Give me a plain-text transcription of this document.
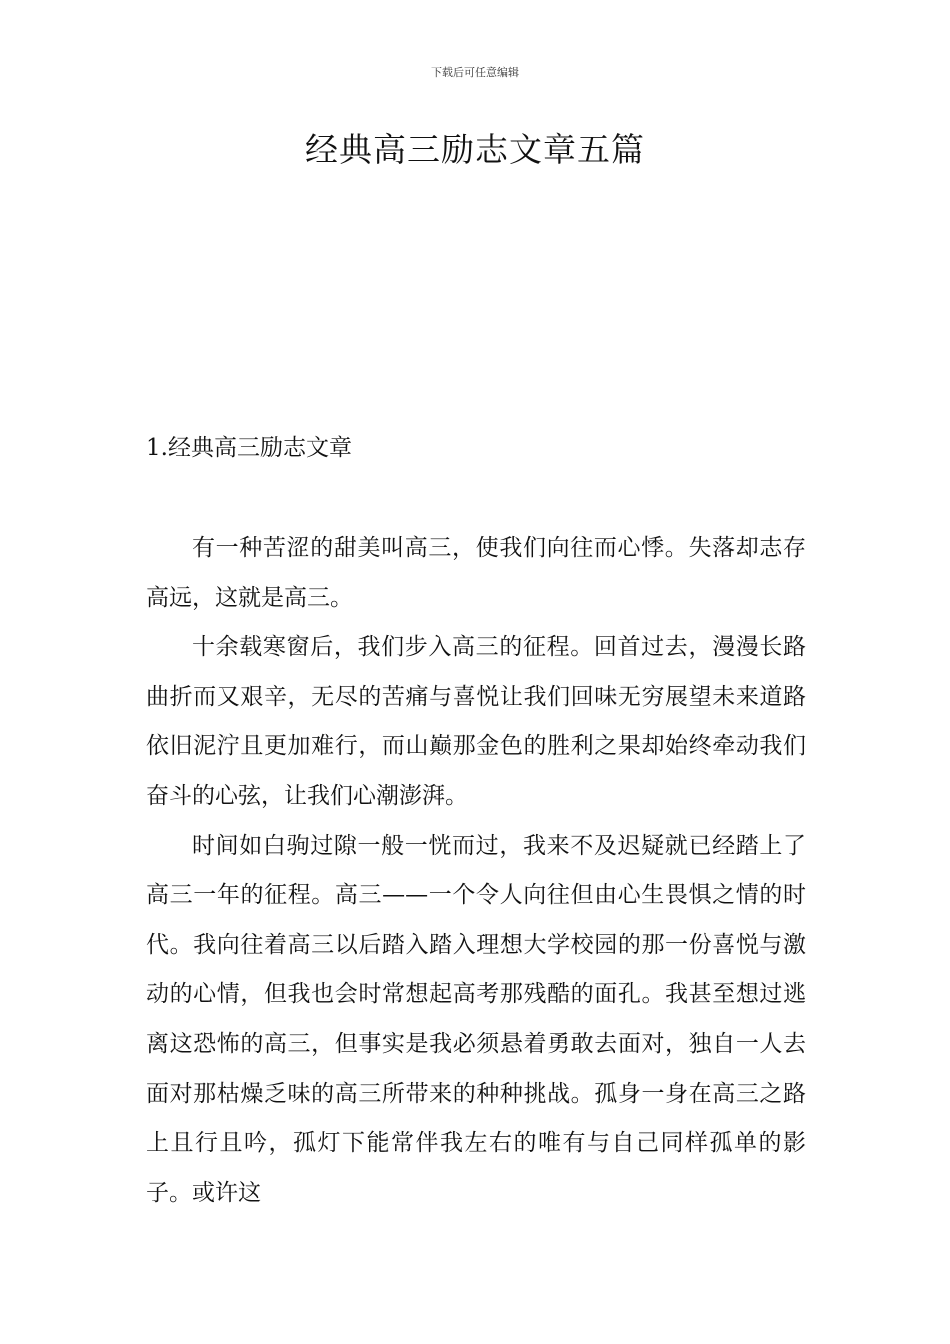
下载后可任意编辑
经典高三励志文章五篇
1.经典高三励志文章

有一种苦涩的甜美叫高三，使我们向往而心悸。失落却志存高远，这就是高三。

十余载寒窗后，我们步入高三的征程。回首过去，漫漫长路曲折而又艰辛，无尽的苦痛与喜悦让我们回味无穷展望未来道路依旧泥泞且更加难行，而山巅那金色的胜利之果却始终牵动我们奋斗的心弦，让我们心潮澎湃。

时间如白驹过隙一般一恍而过，我来不及迟疑就已经踏上了高三一年的征程。高三——一个令人向往但由心生畏惧之情的时代。我向往着高三以后踏入踏入理想大学校园的那一份喜悦与激动的心情，但我也会时常想起高考那残酷的面孔。我甚至想过逃离这恐怖的高三，但事实是我必须悬着勇敢去面对，独自一人去面对那枯燥乏味的高三所带来的种种挑战。孤身一身在高三之路上且行且吟，孤灯下能常伴我左右的唯有与自己同样孤单的影子。或许这
